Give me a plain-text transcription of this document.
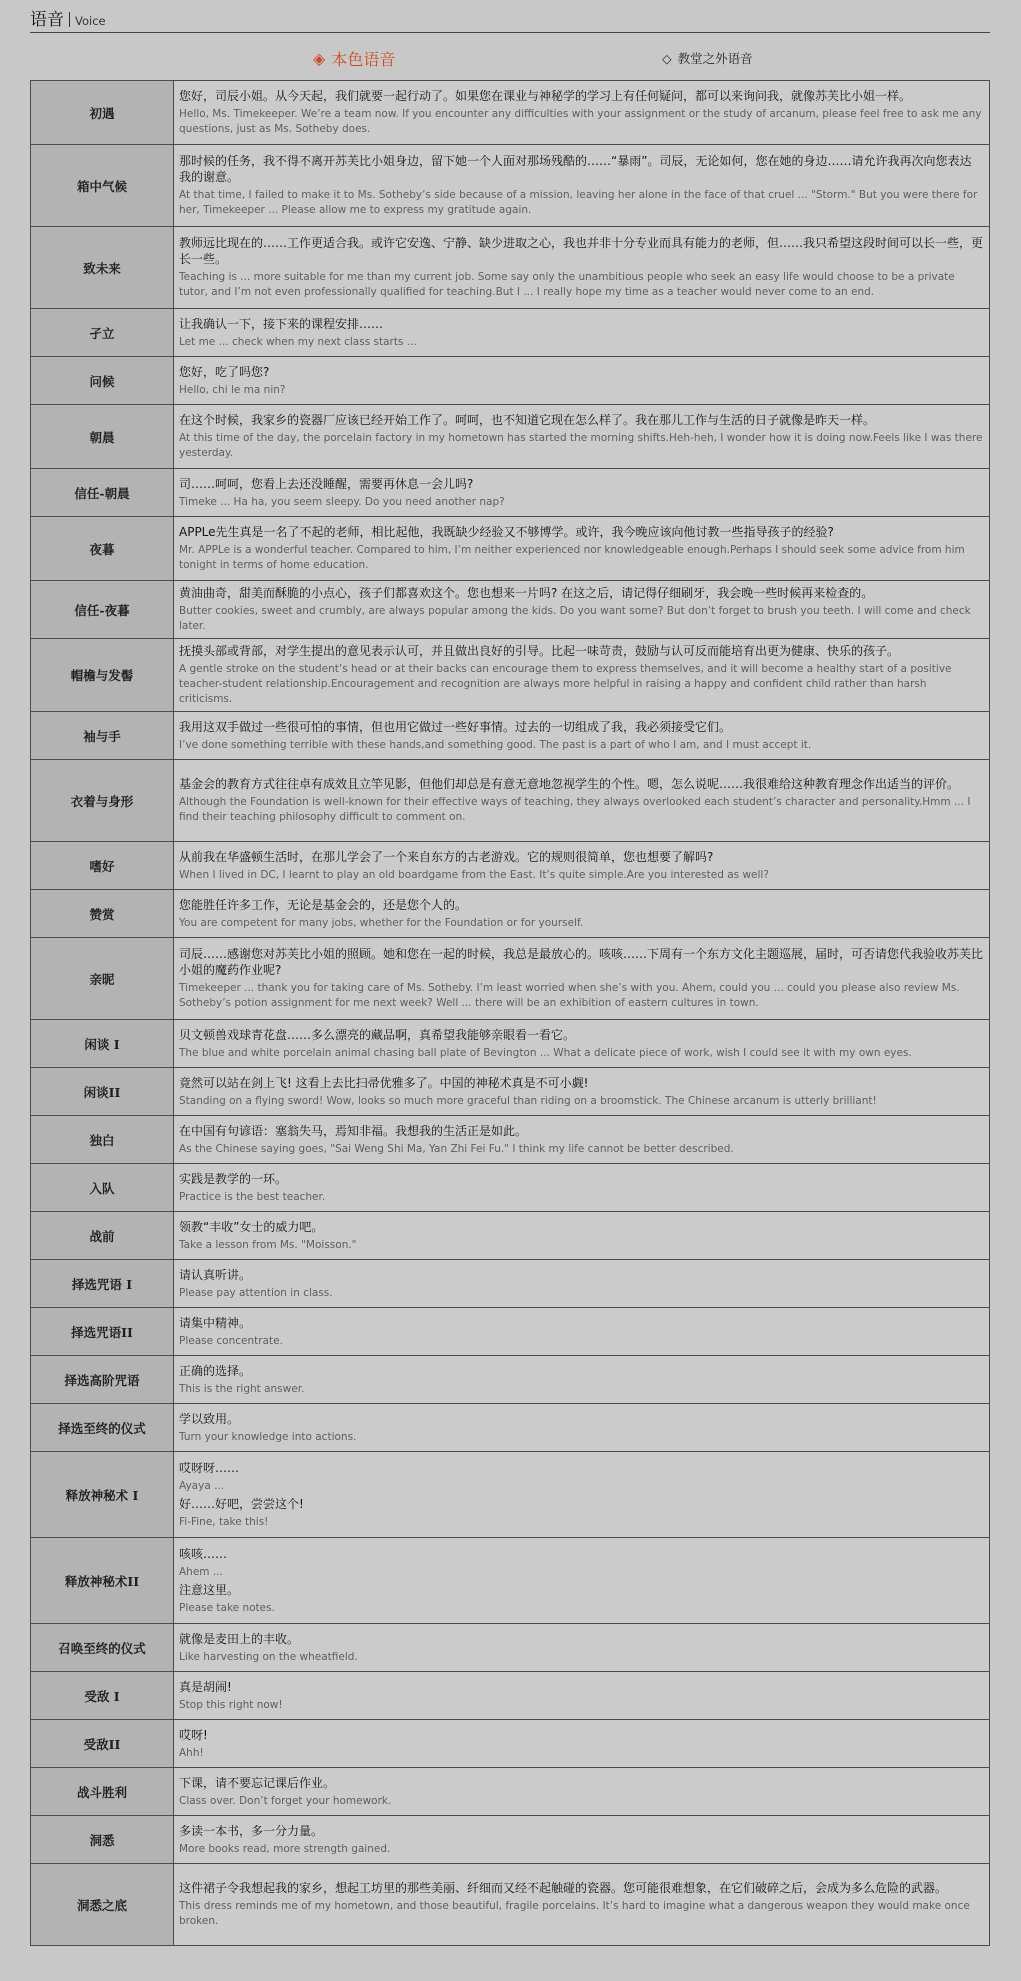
语音 Voice
◈ 本色语音	◇ 教堂之外语音
初遇	您好，司辰小姐。从今天起，我们就要一起行动了。如果您在课业与神秘学的学习上有任何疑问，都可以来询问我，就像苏芙比小姐一样。
Hello, Ms. Timekeeper. We’re a team now. If you encounter any difficulties with your assignment or the study of arcanum, please feel free to ask me any questions, just as Ms. Sotheby does.

箱中气候	那时候的任务，我不得不离开苏芙比小姐身边，留下她一个人面对那场残酷的……“暴雨”。司辰，无论如何，您在她的身边……请允许我再次向您表达我的谢意。
At that time, I failed to make it to Ms. Sotheby’s side because of a mission, leaving her alone in the face of that cruel ... "Storm." But you were there for her, Timekeeper ... Please allow me to express my gratitude again.

致未来	教师远比现在的……工作更适合我。或许它安逸、宁静、缺少进取之心，我也并非十分专业而具有能力的老师，但……我只希望这段时间可以长一些，更长一些。
Teaching is ... more suitable for me than my current job. Some say only the unambitious people who seek an easy life would choose to be a private tutor, and I’m not even professionally qualified for teaching.But I ... I really hope my time as a teacher would never come to an end.

孑立	让我确认一下，接下来的课程安排……
Let me ... check when my next class starts ...

问候	您好，吃了吗您?
Hello, chi le ma nin?

朝晨	在这个时候，我家乡的瓷器厂应该已经开始工作了。呵呵，也不知道它现在怎么样了。我在那儿工作与生活的日子就像是昨天一样。
At this time of the day, the porcelain factory in my hometown has started the morning shifts.Heh-heh, I wonder how it is doing now.Feels like I was there yesterday.

信任-朝晨	司……呵呵，您看上去还没睡醒，需要再休息一会儿吗?
Timeke ... Ha ha, you seem sleepy. Do you need another nap?

夜暮	APPLe先生真是一名了不起的老师，相比起他，我既缺少经验又不够博学。或许，我今晚应该向他讨教一些指导孩子的经验?
Mr. APPLe is a wonderful teacher. Compared to him, I’m neither experienced nor knowledgeable enough.Perhaps I should seek some advice from him tonight in terms of home education.

信任-夜暮	黄油曲奇，甜美而酥脆的小点心，孩子们都喜欢这个。您也想来一片吗? 在这之后，请记得仔细刷牙，我会晚一些时候再来检查的。
Butter cookies, sweet and crumbly, are always popular among the kids. Do you want some? But don’t forget to brush you teeth. I will come and check later.

帽檐与发髻	抚摸头部或背部，对学生提出的意见表示认可，并且做出良好的引导。比起一味苛责，鼓励与认可反而能培育出更为健康、快乐的孩子。
A gentle stroke on the student’s head or at their backs can encourage them to express themselves, and it will become a healthy start of a positive teacher-student relationship.Encouragement and recognition are always more helpful in raising a happy and confident child rather than harsh criticisms.

袖与手	我用这双手做过一些很可怕的事情，但也用它做过一些好事情。过去的一切组成了我，我必须接受它们。
I’ve done something terrible with these hands,and something good. The past is a part of who I am, and I must accept it.

衣着与身形	基金会的教育方式往往卓有成效且立竿见影，但他们却总是有意无意地忽视学生的个性。嗯，怎么说呢……我很难给这种教育理念作出适当的评价。
Although the Foundation is well-known for their effective ways of teaching, they always overlooked each student’s character and personality.Hmm ... I find their teaching philosophy difficult to comment on.

嗜好	从前我在华盛顿生活时，在那儿学会了一个来自东方的古老游戏。它的规则很简单，您也想要了解吗?
When I lived in DC, I learnt to play an old boardgame from the East. It’s quite simple.Are you interested as well?

赞赏	您能胜任许多工作，无论是基金会的，还是您个人的。
You are competent for many jobs, whether for the Foundation or for yourself.

亲昵	司辰……感谢您对苏芙比小姐的照顾。她和您在一起的时候，我总是最放心的。咳咳……下周有一个东方文化主题巡展，届时，可否请您代我验收苏芙比小姐的魔药作业呢?
Timekeeper ... thank you for taking care of Ms. Sotheby. I’m least worried when she’s with you. Ahem, could you ... could you please also review Ms. Sotheby’s potion assignment for me next week? Well ... there will be an exhibition of eastern cultures in town.

闲谈 I	贝文顿兽戏球青花盘……多么漂亮的藏品啊，真希望我能够亲眼看一看它。
The blue and white porcelain animal chasing ball plate of Bevington ... What a delicate piece of work, wish I could see it with my own eyes.

闲谈II	竟然可以站在剑上飞! 这看上去比扫帚优雅多了。中国的神秘术真是不可小觑!
Standing on a flying sword! Wow, looks so much more graceful than riding on a broomstick. The Chinese arcanum is utterly brilliant!

独白	在中国有句谚语：塞翁失马，焉知非福。我想我的生活正是如此。
As the Chinese saying goes, "Sai Weng Shi Ma, Yan Zhi Fei Fu." I think my life cannot be better described.

入队	实践是教学的一环。
Practice is the best teacher.

战前	领教“丰收”女士的威力吧。
Take a lesson from Ms. "Moisson."

择选咒语 I	请认真听讲。
Please pay attention in class.

择选咒语II	请集中精神。
Please concentrate.

择选高阶咒语	正确的选择。
This is the right answer.

择选至终的仪式	学以致用。
Turn your knowledge into actions.

释放神秘术 I	哎呀呀……
Ayaya ...
好……好吧，尝尝这个!
Fi-Fine, take this!

释放神秘术II	咳咳……
Ahem ...
注意这里。
Please take notes.

召唤至终的仪式	就像是麦田上的丰收。
Like harvesting on the wheatfield.

受敌 I	真是胡闹!
Stop this right now!

受敌II	哎呀!
Ahh!

战斗胜利	下课，请不要忘记课后作业。
Class over. Don’t forget your homework.

洞悉	多读一本书，多一分力量。
More books read, more strength gained.

洞悉之底	这件裙子令我想起我的家乡，想起工坊里的那些美丽、纤细而又经不起触碰的瓷器。您可能很难想象，在它们破碎之后，会成为多么危险的武器。
This dress reminds me of my hometown, and those beautiful, fragile porcelains. It’s hard to imagine what a dangerous weapon they would make once broken.
